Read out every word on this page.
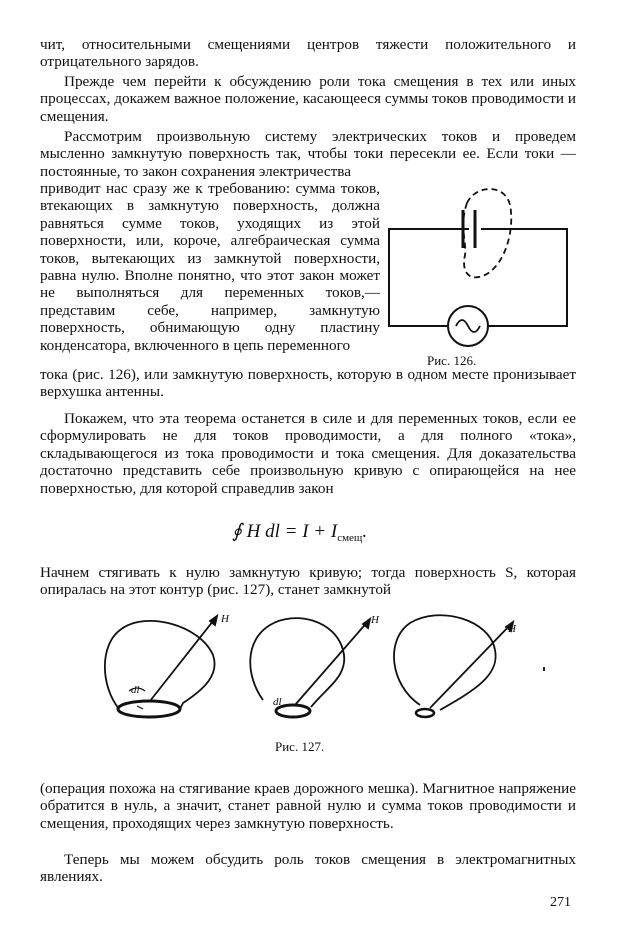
чит, относительными смещениями центров тяжести положительного и отрицательного зарядов.

Прежде чем перейти к обсуждению роли тока смещения в тех или иных процессах, докажем важное положение, касающееся суммы токов проводимости и смещения.

Рассмотрим произвольную систему электрических токов и проведем мысленно замкнутую поверхность так, чтобы токи пересекли ее. Если токи — постоянные, то закон сохранения электричества

приводит нас сразу же к требованию: сумма токов, втекающих в замкнутую поверхность, должна равняться сумме токов, уходящих из этой поверхности, или, короче, алгебраическая сумма токов, вытекающих из замкнутой поверхности, равна нулю. Вполне понятно, что этот закон может не выполняться для переменных токов,— представим себе, например, замкнутую поверхность, обнимающую одну пластину конденсатора, включенного в цепь переменного

тока (рис. 126), или замкнутую поверхность, которую в одном месте пронизывает верхушка антенны.

Покажем, что эта теорема останется в силе и для переменных токов, если ее сформулировать не для токов проводимости, а для полного «тока», складывающегося из тока проводимости и тока смещения. Для доказательства достаточно представить себе произвольную кривую с опирающейся на нее поверхностью, для которой справедлив закон

∮ H dl = $I + I_{смещ}$.

Начнем стягивать к нулю замкнутую кривую; тогда поверхность S, которая опиралась на этот контур (рис. 127), станет замкнутой

Рис. 126.
H
dl
H
dl
H
Рис. 127.

(операция похожа на стягивание краев дорожного мешка). Магнитное напряжение обратится в нуль, а значит, станет равной нулю и сумма токов проводимости и смещения, проходящих через замкнутую поверхность.

Теперь мы можем обсудить роль токов смещения в электромагнитных явлениях.

271
